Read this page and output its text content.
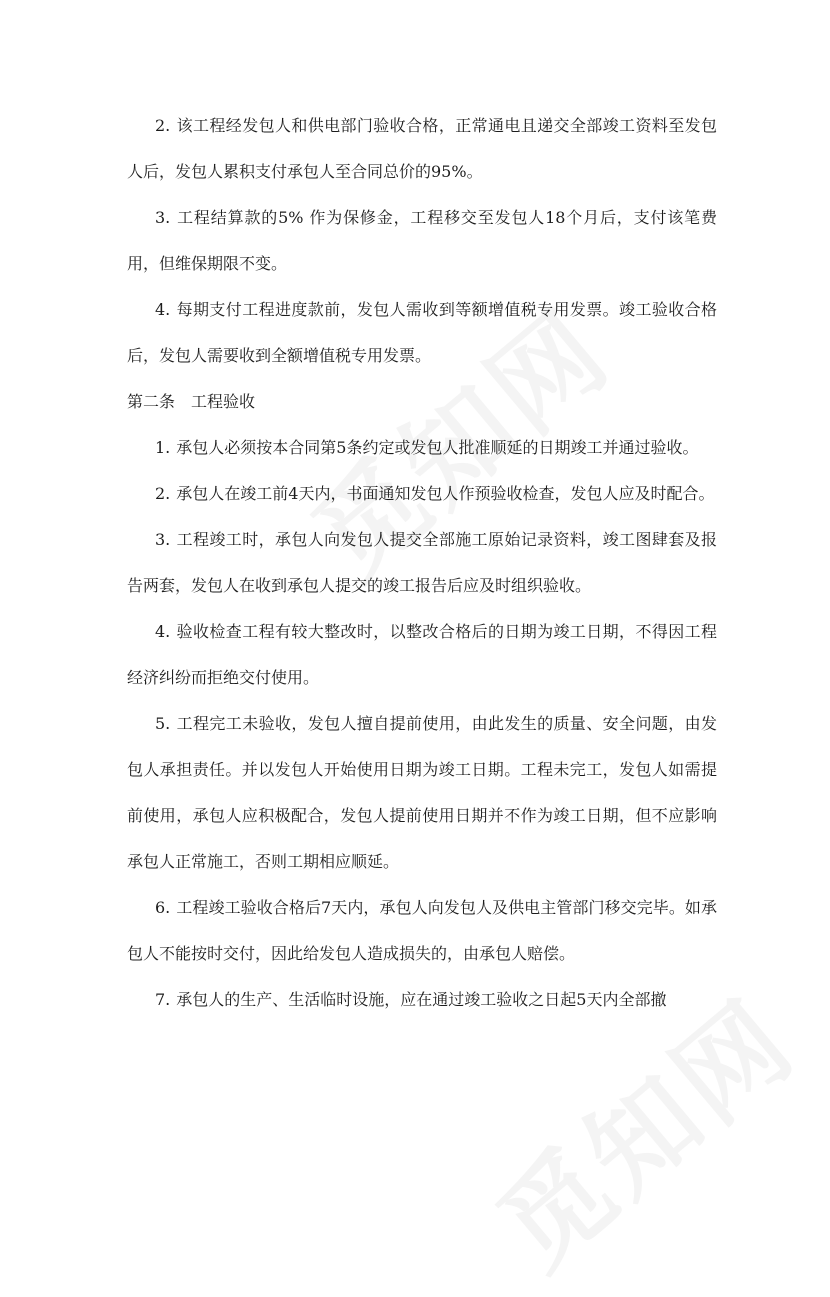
2. 该工程经发包人和供电部门验收合格，正常通电且递交全部竣工资料至发包人后，发包人累积支付承包人至合同总价的95%。

3. 工程结算款的5% 作为保修金，工程移交至发包人18个月后，支付该笔费用，但维保期限不变。

4. 每期支付工程进度款前，发包人需收到等额增值税专用发票。竣工验收合格后，发包人需要收到全额增值税专用发票。

第二条 工程验收

1. 承包人必须按本合同第5条约定或发包人批准顺延的日期竣工并通过验收。

2. 承包人在竣工前4天内，书面通知发包人作预验收检查，发包人应及时配合。

3. 工程竣工时，承包人向发包人提交全部施工原始记录资料，竣工图肆套及报告两套，发包人在收到承包人提交的竣工报告后应及时组织验收。

4. 验收检查工程有较大整改时，以整改合格后的日期为竣工日期，不得因工程经济纠纷而拒绝交付使用。

5. 工程完工未验收，发包人擅自提前使用，由此发生的质量、安全问题，由发包人承担责任。并以发包人开始使用日期为竣工日期。工程未完工，发包人如需提前使用，承包人应积极配合，发包人提前使用日期并不作为竣工日期，但不应影响承包人正常施工，否则工期相应顺延。

6. 工程竣工验收合格后7天内，承包人向发包人及供电主管部门移交完毕。如承包人不能按时交付，因此给发包人造成损失的，由承包人赔偿。

7. 承包人的生产、生活临时设施，应在通过竣工验收之日起5天内全部撤
